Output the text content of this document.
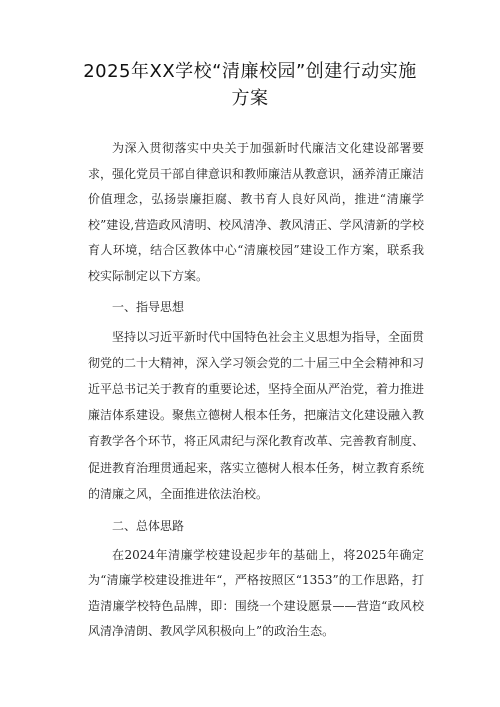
2025年XX学校“清廉校园”创建行动实施
方案

为深入贯彻落实中央关于加强新时代廉洁文化建设部署要求，强化党员干部自律意识和教师廉洁从教意识，涵养清正廉洁价值理念，弘扬崇廉拒腐、教书育人良好风尚，推进“清廉学校”建设,营造政风清明、校风清净、教风清正、学风清新的学校育人环境，结合区教体中心“清廉校园”建设工作方案，联系我校实际制定以下方案。

一、指导思想

坚持以习近平新时代中国特色社会主义思想为指导，全面贯彻党的二十大精神，深入学习领会党的二十届三中全会精神和习近平总书记关于教育的重要论述，坚持全面从严治党，着力推进廉洁体系建设。聚焦立德树人根本任务，把廉洁文化建设融入教育教学各个环节，将正风肃纪与深化教育改革、完善教育制度、促进教育治理贯通起来，落实立德树人根本任务，树立教育系统的清廉之风，全面推进依法治校。

二、总体思路

在2024年清廉学校建设起步年的基础上，将2025年确定为“清廉学校建设推进年“，严格按照区“1353”的工作思路，打造清廉学校特色品牌，即：围绕一个建设愿景——营造“政风校风清净清朗、教风学风积极向上”的政治生态。
